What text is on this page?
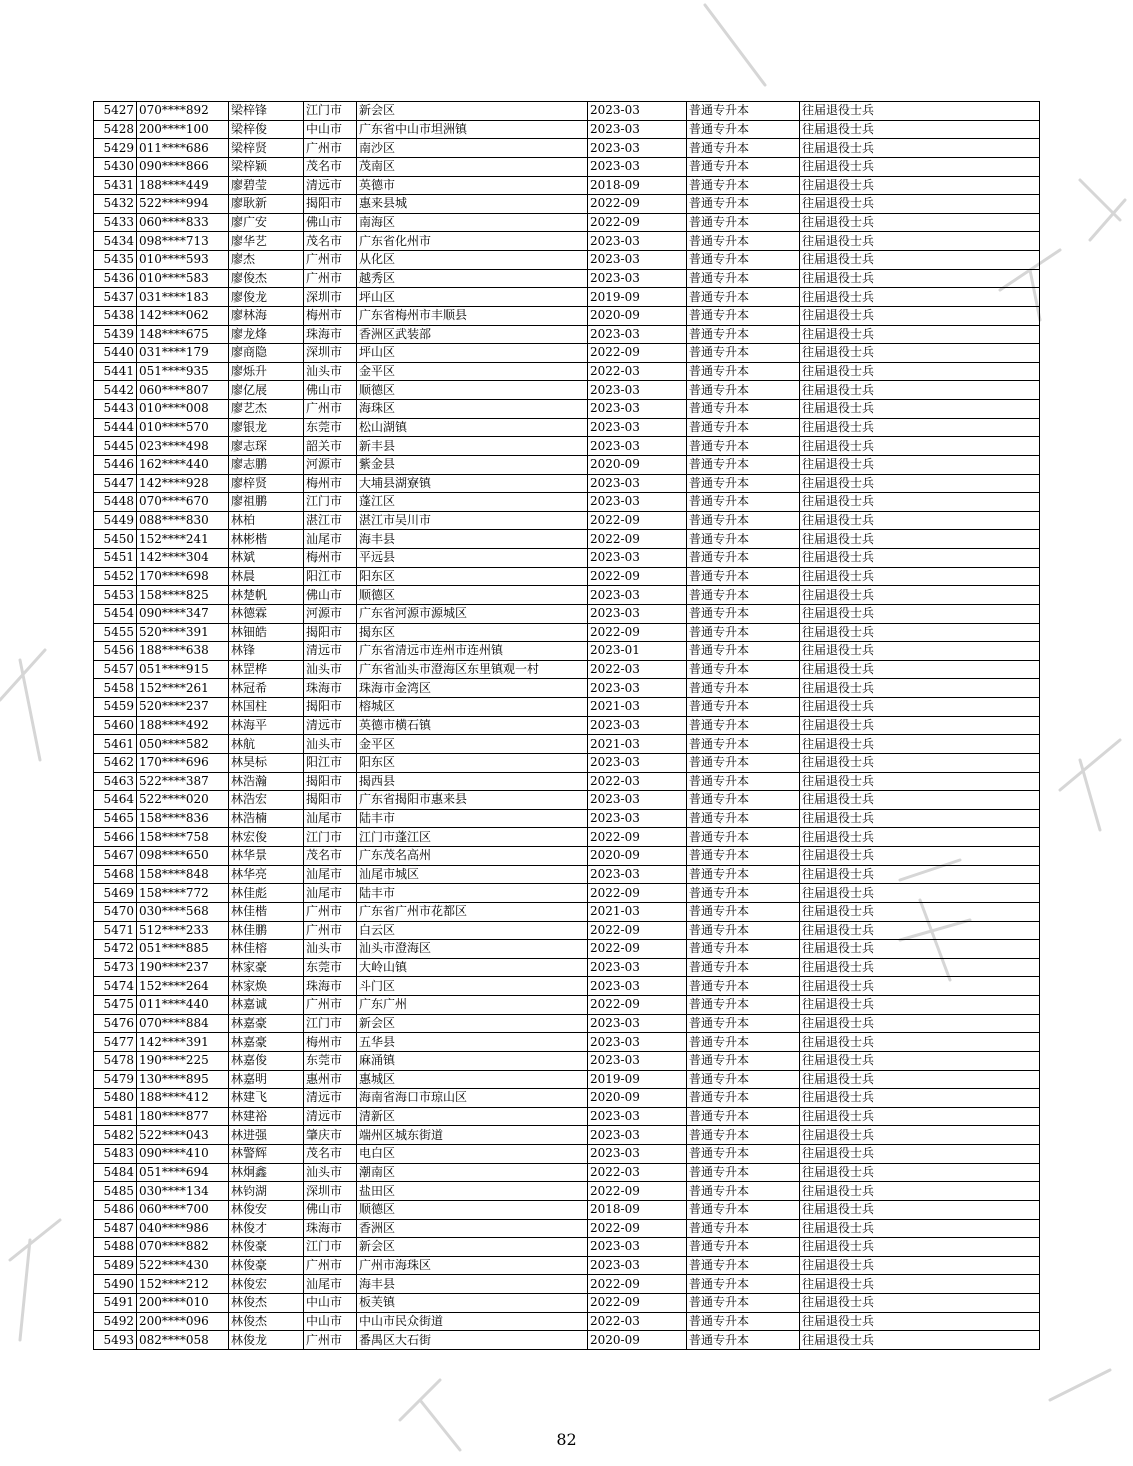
5427	070****892	梁梓锋	江门市	新会区	2023-03	普通专升本	往届退役士兵
5428	200****100	梁梓俊	中山市	广东省中山市坦洲镇	2023-03	普通专升本	往届退役士兵
5429	011****686	梁梓贤	广州市	南沙区	2023-03	普通专升本	往届退役士兵
5430	090****866	梁梓颖	茂名市	茂南区	2023-03	普通专升本	往届退役士兵
5431	188****449	廖碧莹	清远市	英德市	2018-09	普通专升本	往届退役士兵
5432	522****994	廖耿新	揭阳市	惠来县城	2022-09	普通专升本	往届退役士兵
5433	060****833	廖广安	佛山市	南海区	2022-09	普通专升本	往届退役士兵
5434	098****713	廖华艺	茂名市	广东省化州市	2023-03	普通专升本	往届退役士兵
5435	010****593	廖杰	广州市	从化区	2023-03	普通专升本	往届退役士兵
5436	010****583	廖俊杰	广州市	越秀区	2023-03	普通专升本	往届退役士兵
5437	031****183	廖俊龙	深圳市	坪山区	2019-09	普通专升本	往届退役士兵
5438	142****062	廖林海	梅州市	广东省梅州市丰顺县	2020-09	普通专升本	往届退役士兵
5439	148****675	廖龙烽	珠海市	香洲区武装部	2023-03	普通专升本	往届退役士兵
5440	031****179	廖商隐	深圳市	坪山区	2022-09	普通专升本	往届退役士兵
5441	051****935	廖烁升	汕头市	金平区	2022-03	普通专升本	往届退役士兵
5442	060****807	廖亿展	佛山市	顺德区	2023-03	普通专升本	往届退役士兵
5443	010****008	廖艺杰	广州市	海珠区	2023-03	普通专升本	往届退役士兵
5444	010****570	廖银龙	东莞市	松山湖镇	2023-03	普通专升本	往届退役士兵
5445	023****498	廖志琛	韶关市	新丰县	2023-03	普通专升本	往届退役士兵
5446	162****440	廖志鹏	河源市	紫金县	2020-09	普通专升本	往届退役士兵
5447	142****928	廖梓贤	梅州市	大埔县湖寮镇	2023-03	普通专升本	往届退役士兵
5448	070****670	廖祖鹏	江门市	蓬江区	2023-03	普通专升本	往届退役士兵
5449	088****830	林柏	湛江市	湛江市吴川市	2022-09	普通专升本	往届退役士兵
5450	152****241	林彬楷	汕尾市	海丰县	2022-09	普通专升本	往届退役士兵
5451	142****304	林斌	梅州市	平远县	2023-03	普通专升本	往届退役士兵
5452	170****698	林晨	阳江市	阳东区	2022-09	普通专升本	往届退役士兵
5453	158****825	林楚帆	佛山市	顺德区	2023-03	普通专升本	往届退役士兵
5454	090****347	林德霖	河源市	广东省河源市源城区	2023-03	普通专升本	往届退役士兵
5455	520****391	林钿皓	揭阳市	揭东区	2022-09	普通专升本	往届退役士兵
5456	188****638	林锋	清远市	广东省清远市连州市连州镇	2023-01	普通专升本	往届退役士兵
5457	051****915	林罡桦	汕头市	广东省汕头市澄海区东里镇观一村	2022-03	普通专升本	往届退役士兵
5458	152****261	林冠希	珠海市	珠海市金湾区	2023-03	普通专升本	往届退役士兵
5459	520****237	林国柱	揭阳市	榕城区	2021-03	普通专升本	往届退役士兵
5460	188****492	林海平	清远市	英德市横石镇	2023-03	普通专升本	往届退役士兵
5461	050****582	林航	汕头市	金平区	2021-03	普通专升本	往届退役士兵
5462	170****696	林昊标	阳江市	阳东区	2023-03	普通专升本	往届退役士兵
5463	522****387	林浩瀚	揭阳市	揭西县	2022-03	普通专升本	往届退役士兵
5464	522****020	林浩宏	揭阳市	广东省揭阳市惠来县	2023-03	普通专升本	往届退役士兵
5465	158****836	林浩楠	汕尾市	陆丰市	2023-03	普通专升本	往届退役士兵
5466	158****758	林宏俊	江门市	江门市蓬江区	2022-09	普通专升本	往届退役士兵
5467	098****650	林华景	茂名市	广东茂名高州	2020-09	普通专升本	往届退役士兵
5468	158****848	林华亮	汕尾市	汕尾市城区	2023-03	普通专升本	往届退役士兵
5469	158****772	林佳彪	汕尾市	陆丰市	2022-09	普通专升本	往届退役士兵
5470	030****568	林佳楷	广州市	广东省广州市花都区	2021-03	普通专升本	往届退役士兵
5471	512****233	林佳鹏	广州市	白云区	2022-09	普通专升本	往届退役士兵
5472	051****885	林佳榕	汕头市	汕头市澄海区	2022-09	普通专升本	往届退役士兵
5473	190****237	林家豪	东莞市	大岭山镇	2023-03	普通专升本	往届退役士兵
5474	152****264	林家焕	珠海市	斗门区	2023-03	普通专升本	往届退役士兵
5475	011****440	林嘉诚	广州市	广东广州	2022-09	普通专升本	往届退役士兵
5476	070****884	林嘉豪	江门市	新会区	2023-03	普通专升本	往届退役士兵
5477	142****391	林嘉豪	梅州市	五华县	2023-03	普通专升本	往届退役士兵
5478	190****225	林嘉俊	东莞市	麻涌镇	2023-03	普通专升本	往届退役士兵
5479	130****895	林嘉明	惠州市	惠城区	2019-09	普通专升本	往届退役士兵
5480	188****412	林建飞	清远市	海南省海口市琼山区	2020-09	普通专升本	往届退役士兵
5481	180****877	林建裕	清远市	清新区	2023-03	普通专升本	往届退役士兵
5482	522****043	林进强	肇庆市	端州区城东街道	2023-03	普通专升本	往届退役士兵
5483	090****410	林警辉	茂名市	电白区	2023-03	普通专升本	往届退役士兵
5484	051****694	林炯鑫	汕头市	潮南区	2022-03	普通专升本	往届退役士兵
5485	030****134	林钧湖	深圳市	盐田区	2022-09	普通专升本	往届退役士兵
5486	060****700	林俊安	佛山市	顺德区	2018-09	普通专升本	往届退役士兵
5487	040****986	林俊才	珠海市	香洲区	2022-09	普通专升本	往届退役士兵
5488	070****882	林俊豪	江门市	新会区	2023-03	普通专升本	往届退役士兵
5489	522****430	林俊豪	广州市	广州市海珠区	2023-03	普通专升本	往届退役士兵
5490	152****212	林俊宏	汕尾市	海丰县	2022-09	普通专升本	往届退役士兵
5491	200****010	林俊杰	中山市	板芙镇	2022-09	普通专升本	往届退役士兵
5492	200****096	林俊杰	中山市	中山市民众街道	2022-03	普通专升本	往届退役士兵
5493	082****058	林俊龙	广州市	番禺区大石街	2020-09	普通专升本	往届退役士兵
82
